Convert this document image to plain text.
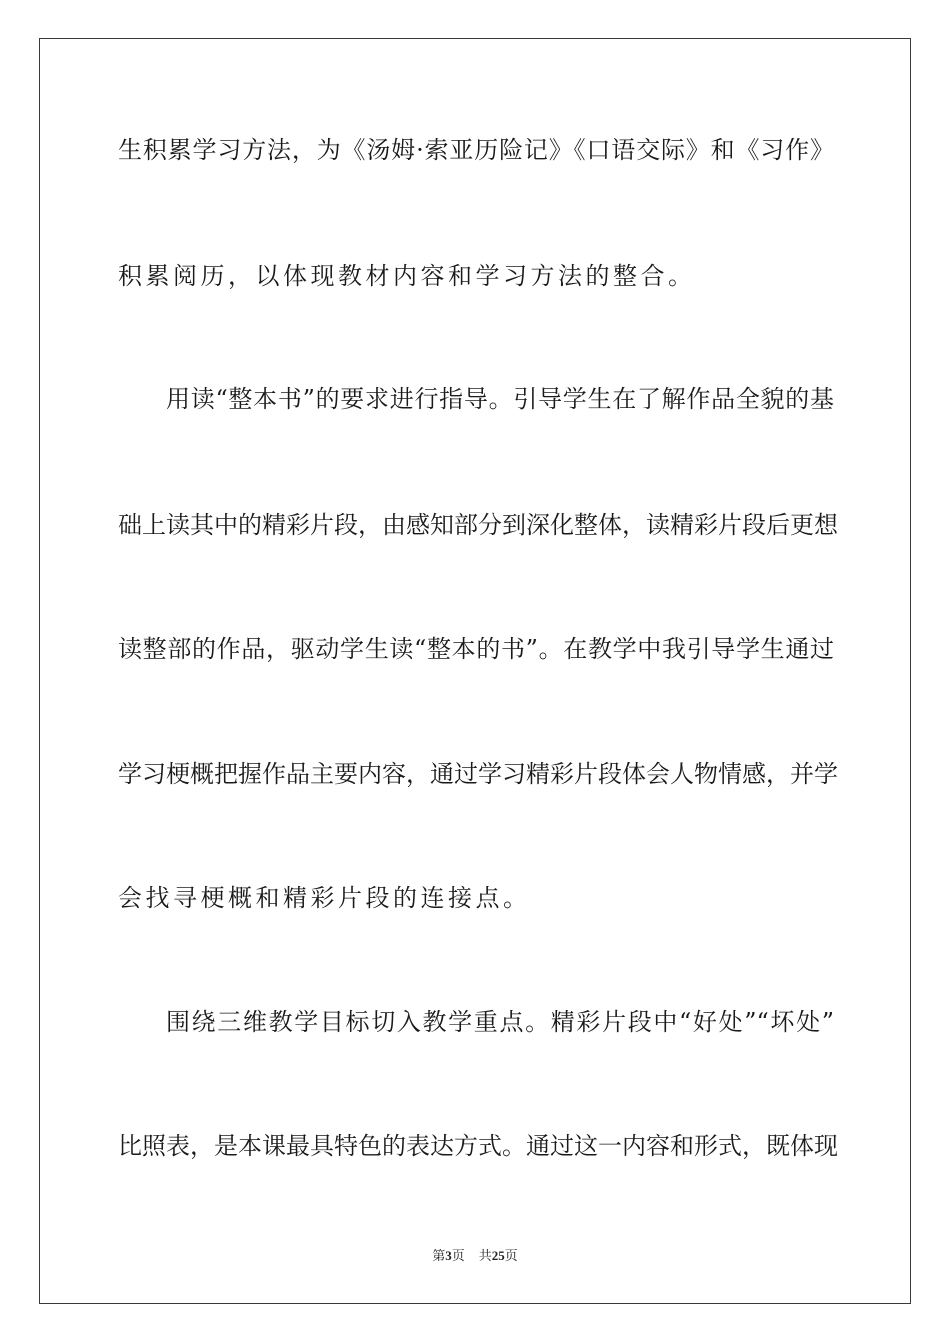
生积累学习方法，为《汤姆·索亚历险记》《口语交际》和《习作》
积累阅历，以体现教材内容和学习方法的整合。
用读“整本书”的要求进行指导。引导学生在了解作品全貌的基
础上读其中的精彩片段，由感知部分到深化整体，读精彩片段后更想
读整部的作品，驱动学生读“整本的书”。在教学中我引导学生通过
学习梗概把握作品主要内容，通过学习精彩片段体会人物情感，并学
会找寻梗概和精彩片段的连接点。
围绕三维教学目标切入教学重点。精彩片段中“好处”“坏处”
比照表，是本课最具特色的表达方式。通过这一内容和形式，既体现
第3页 共25页
